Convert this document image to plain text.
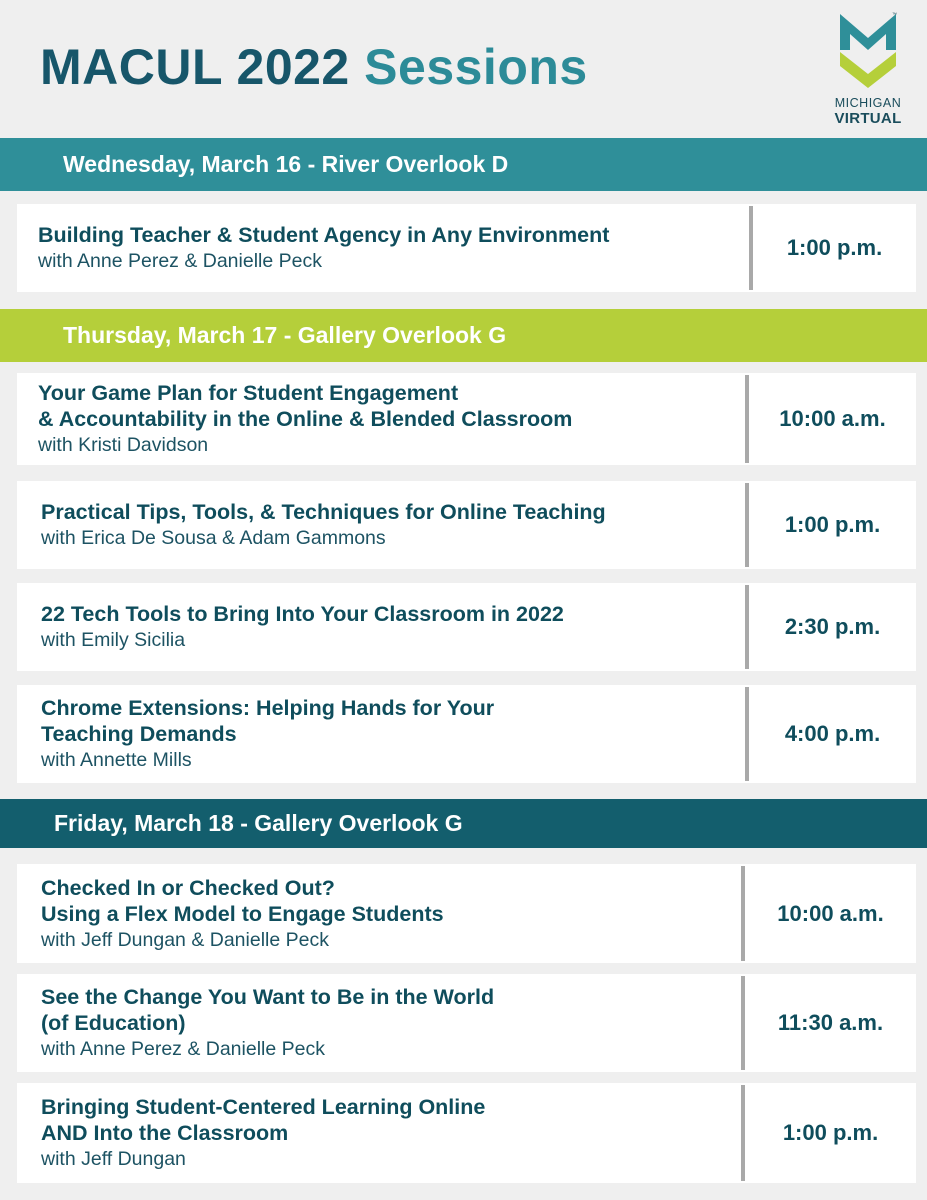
MACUL 2022 Sessions
™
MICHIGAN
VIRTUAL
Wednesday, March 16 - River Overlook D
Building Teacher & Student Agency in Any Environment
with Anne Perez & Danielle Peck
1:00 p.m.
Thursday, March 17 - Gallery Overlook G
Your Game Plan for Student Engagement
& Accountability in the Online & Blended Classroom
with Kristi Davidson
10:00 a.m.
Practical Tips, Tools, & Techniques for Online Teaching
with Erica De Sousa & Adam Gammons
1:00 p.m.
22 Tech Tools to Bring Into Your Classroom in 2022
with Emily Sicilia
2:30 p.m.
Chrome Extensions: Helping Hands for Your
Teaching Demands
with Annette Mills
4:00 p.m.
Friday, March 18 - Gallery Overlook G
Checked In or Checked Out?
Using a Flex Model to Engage Students
with Jeff Dungan & Danielle Peck
10:00 a.m.
See the Change You Want to Be in the World
(of Education)
with Anne Perez & Danielle Peck
11:30 a.m.
Bringing Student-Centered Learning Online
AND Into the Classroom
with Jeff Dungan
1:00 p.m.
